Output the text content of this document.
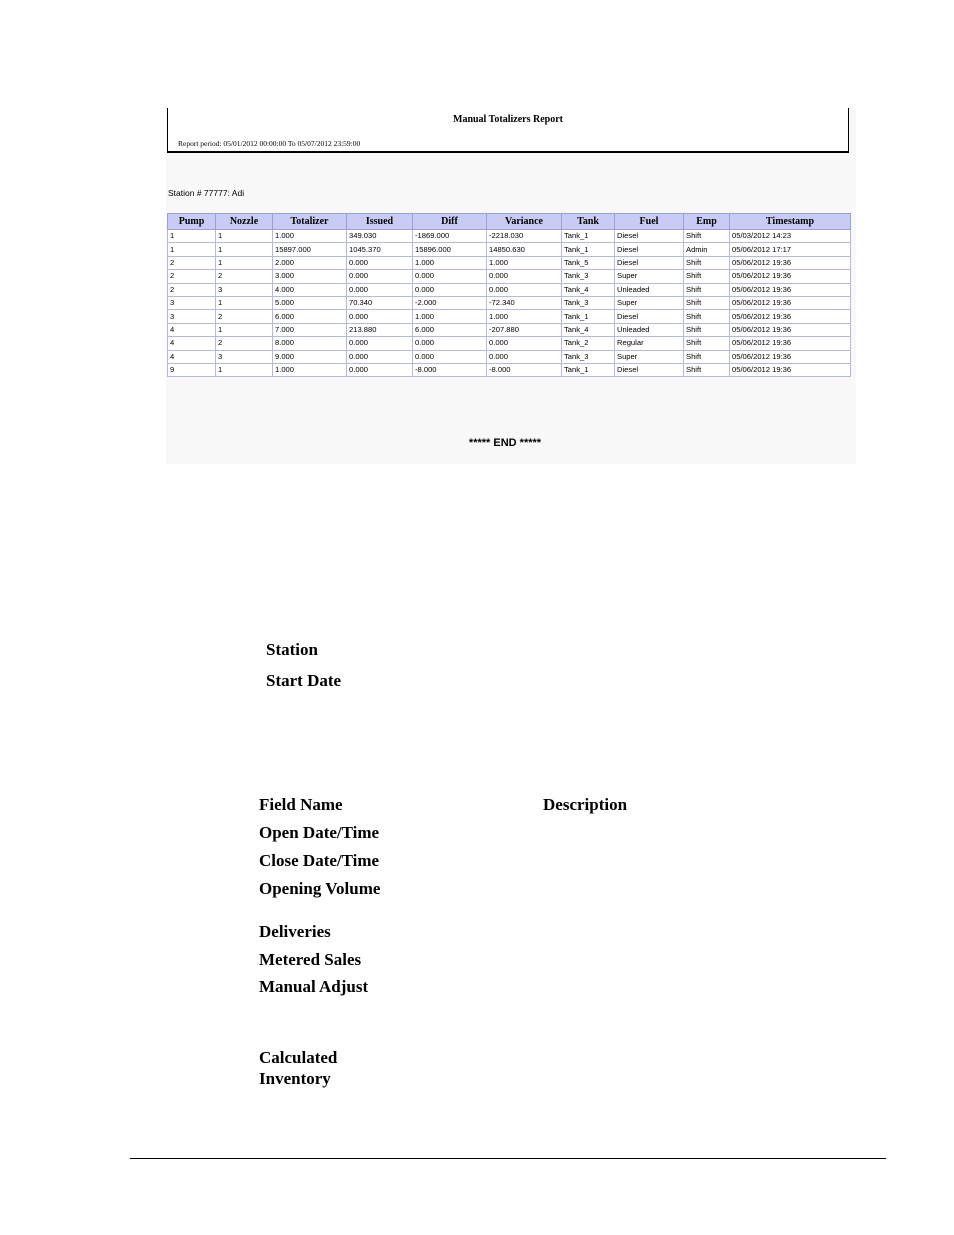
Manual Totalizers Report
Report period: 05/01/2012 00:00:00 To 05/07/2012 23:59:00
Station # 77777: Adi
Pump	Nozzle	Totalizer	Issued	Diff	Variance	Tank	Fuel	Emp	Timestamp
1	1	1.000	349.030	-1869.000	-2218.030	Tank_1	Diesel	Shift	05/03/2012 14:23
1	1	15897.000	1045.370	15896.000	14850.630	Tank_1	Diesel	Admin	05/06/2012 17:17
2	1	2.000	0.000	1.000	1.000	Tank_5	Diesel	Shift	05/06/2012 19:36
2	2	3.000	0.000	0.000	0.000	Tank_3	Super	Shift	05/06/2012 19:36
2	3	4.000	0.000	0.000	0.000	Tank_4	Unleaded	Shift	05/06/2012 19:36
3	1	5.000	70.340	-2.000	-72.340	Tank_3	Super	Shift	05/06/2012 19:36
3	2	6.000	0.000	1.000	1.000	Tank_1	Diesel	Shift	05/06/2012 19:36
4	1	7.000	213.880	6.000	-207.880	Tank_4	Unleaded	Shift	05/06/2012 19:36
4	2	8.000	0.000	0.000	0.000	Tank_2	Regular	Shift	05/06/2012 19:36
4	3	9.000	0.000	0.000	0.000	Tank_3	Super	Shift	05/06/2012 19:36
9	1	1.000	0.000	-8.000	-8.000	Tank_1	Diesel	Shift	05/06/2012 19:36
***** END *****
Station
Start Date
Field Name	Description
Open Date/Time
Close Date/Time
Opening Volume
Deliveries
Metered Sales
Manual Adjust
Calculated
Inventory
